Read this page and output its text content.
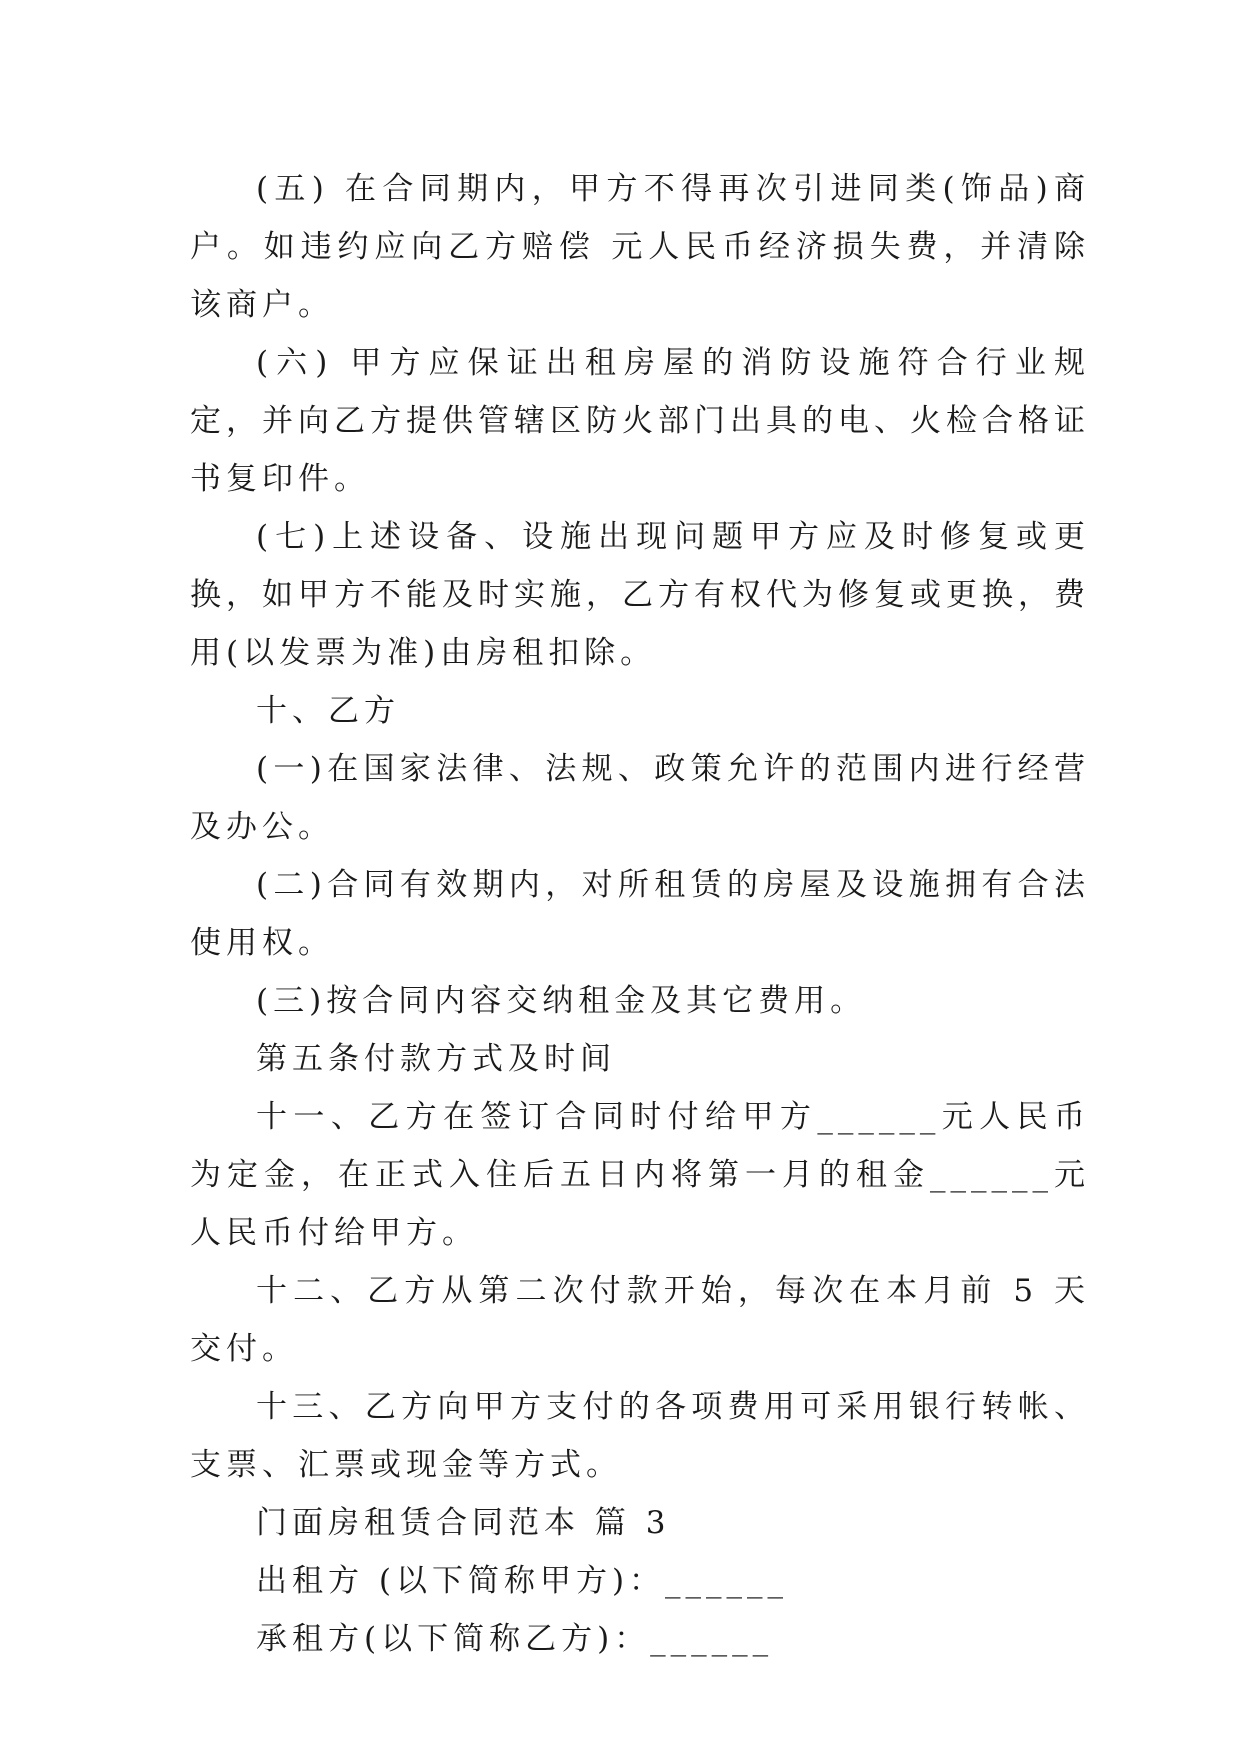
(五) 在合同期内，甲方不得再次引进同类(饰品)商户。如违约应向乙方赔偿 元人民币经济损失费，并清除该商户。

(六) 甲方应保证出租房屋的消防设施符合行业规定，并向乙方提供管辖区防火部门出具的电、火检合格证书复印件。

(七)上述设备、设施出现问题甲方应及时修复或更换，如甲方不能及时实施，乙方有权代为修复或更换，费用(以发票为准)由房租扣除。

十、乙方

(一)在国家法律、法规、政策允许的范围内进行经营及办公。

(二)合同有效期内，对所租赁的房屋及设施拥有合法使用权。

(三)按合同内容交纳租金及其它费用。

第五条付款方式及时间

十一、乙方在签订合同时付给甲方______元人民币为定金，在正式入住后五日内将第一月的租金______元人民币付给甲方。

十二、乙方从第二次付款开始，每次在本月前 5 天交付。

十三、乙方向甲方支付的各项费用可采用银行转帐、支票、汇票或现金等方式。

门面房租赁合同范本 篇 3

出租方 (以下简称甲方)：______

承租方(以下简称乙方)：______
